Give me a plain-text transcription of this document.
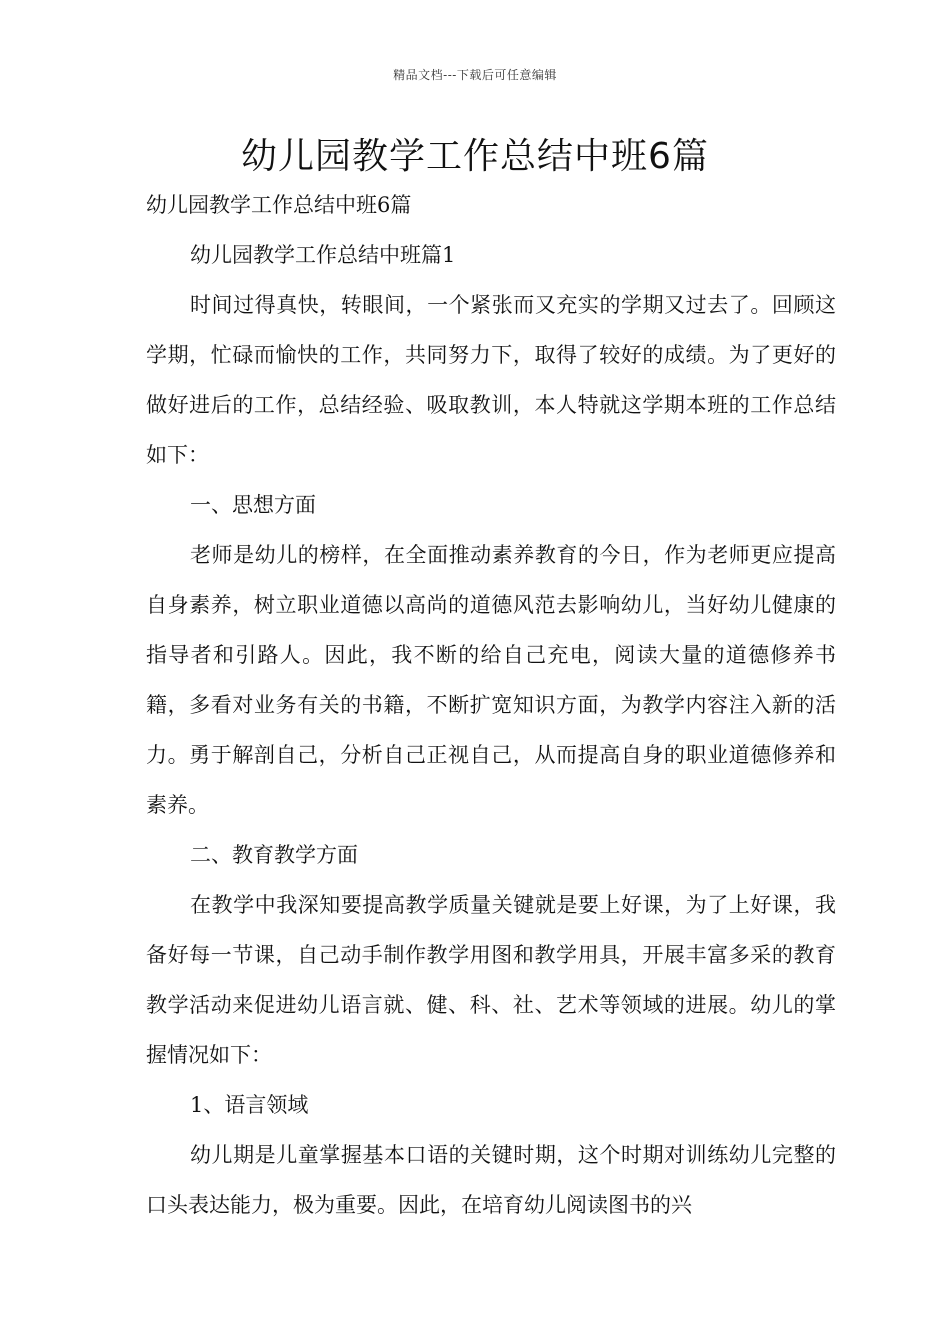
精品文档---下载后可任意编辑
幼儿园教学工作总结中班6篇

幼儿园教学工作总结中班6篇

幼儿园教学工作总结中班篇1

时间过得真快，转眼间，一个紧张而又充实的学期又过去了。回顾这学期，忙碌而愉快的工作，共同努力下，取得了较好的成绩。为了更好的做好进后的工作，总结经验、吸取教训，本人特就这学期本班的工作总结如下：

一、思想方面

老师是幼儿的榜样，在全面推动素养教育的今日，作为老师更应提高自身素养，树立职业道德以高尚的道德风范去影响幼儿，当好幼儿健康的指导者和引路人。因此，我不断的给自己充电，阅读大量的道德修养书籍，多看对业务有关的书籍，不断扩宽知识方面，为教学内容注入新的活力。勇于解剖自己，分析自己正视自己，从而提高自身的职业道德修养和素养。

二、教育教学方面

在教学中我深知要提高教学质量关键就是要上好课，为了上好课，我备好每一节课，自己动手制作教学用图和教学用具，开展丰富多采的教育教学活动来促进幼儿语言就、健、科、社、艺术等领域的进展。幼儿的掌握情况如下：

1、语言领域

幼儿期是儿童掌握基本口语的关键时期，这个时期对训练幼儿完整的口头表达能力，极为重要。因此，在培育幼儿阅读图书的兴
